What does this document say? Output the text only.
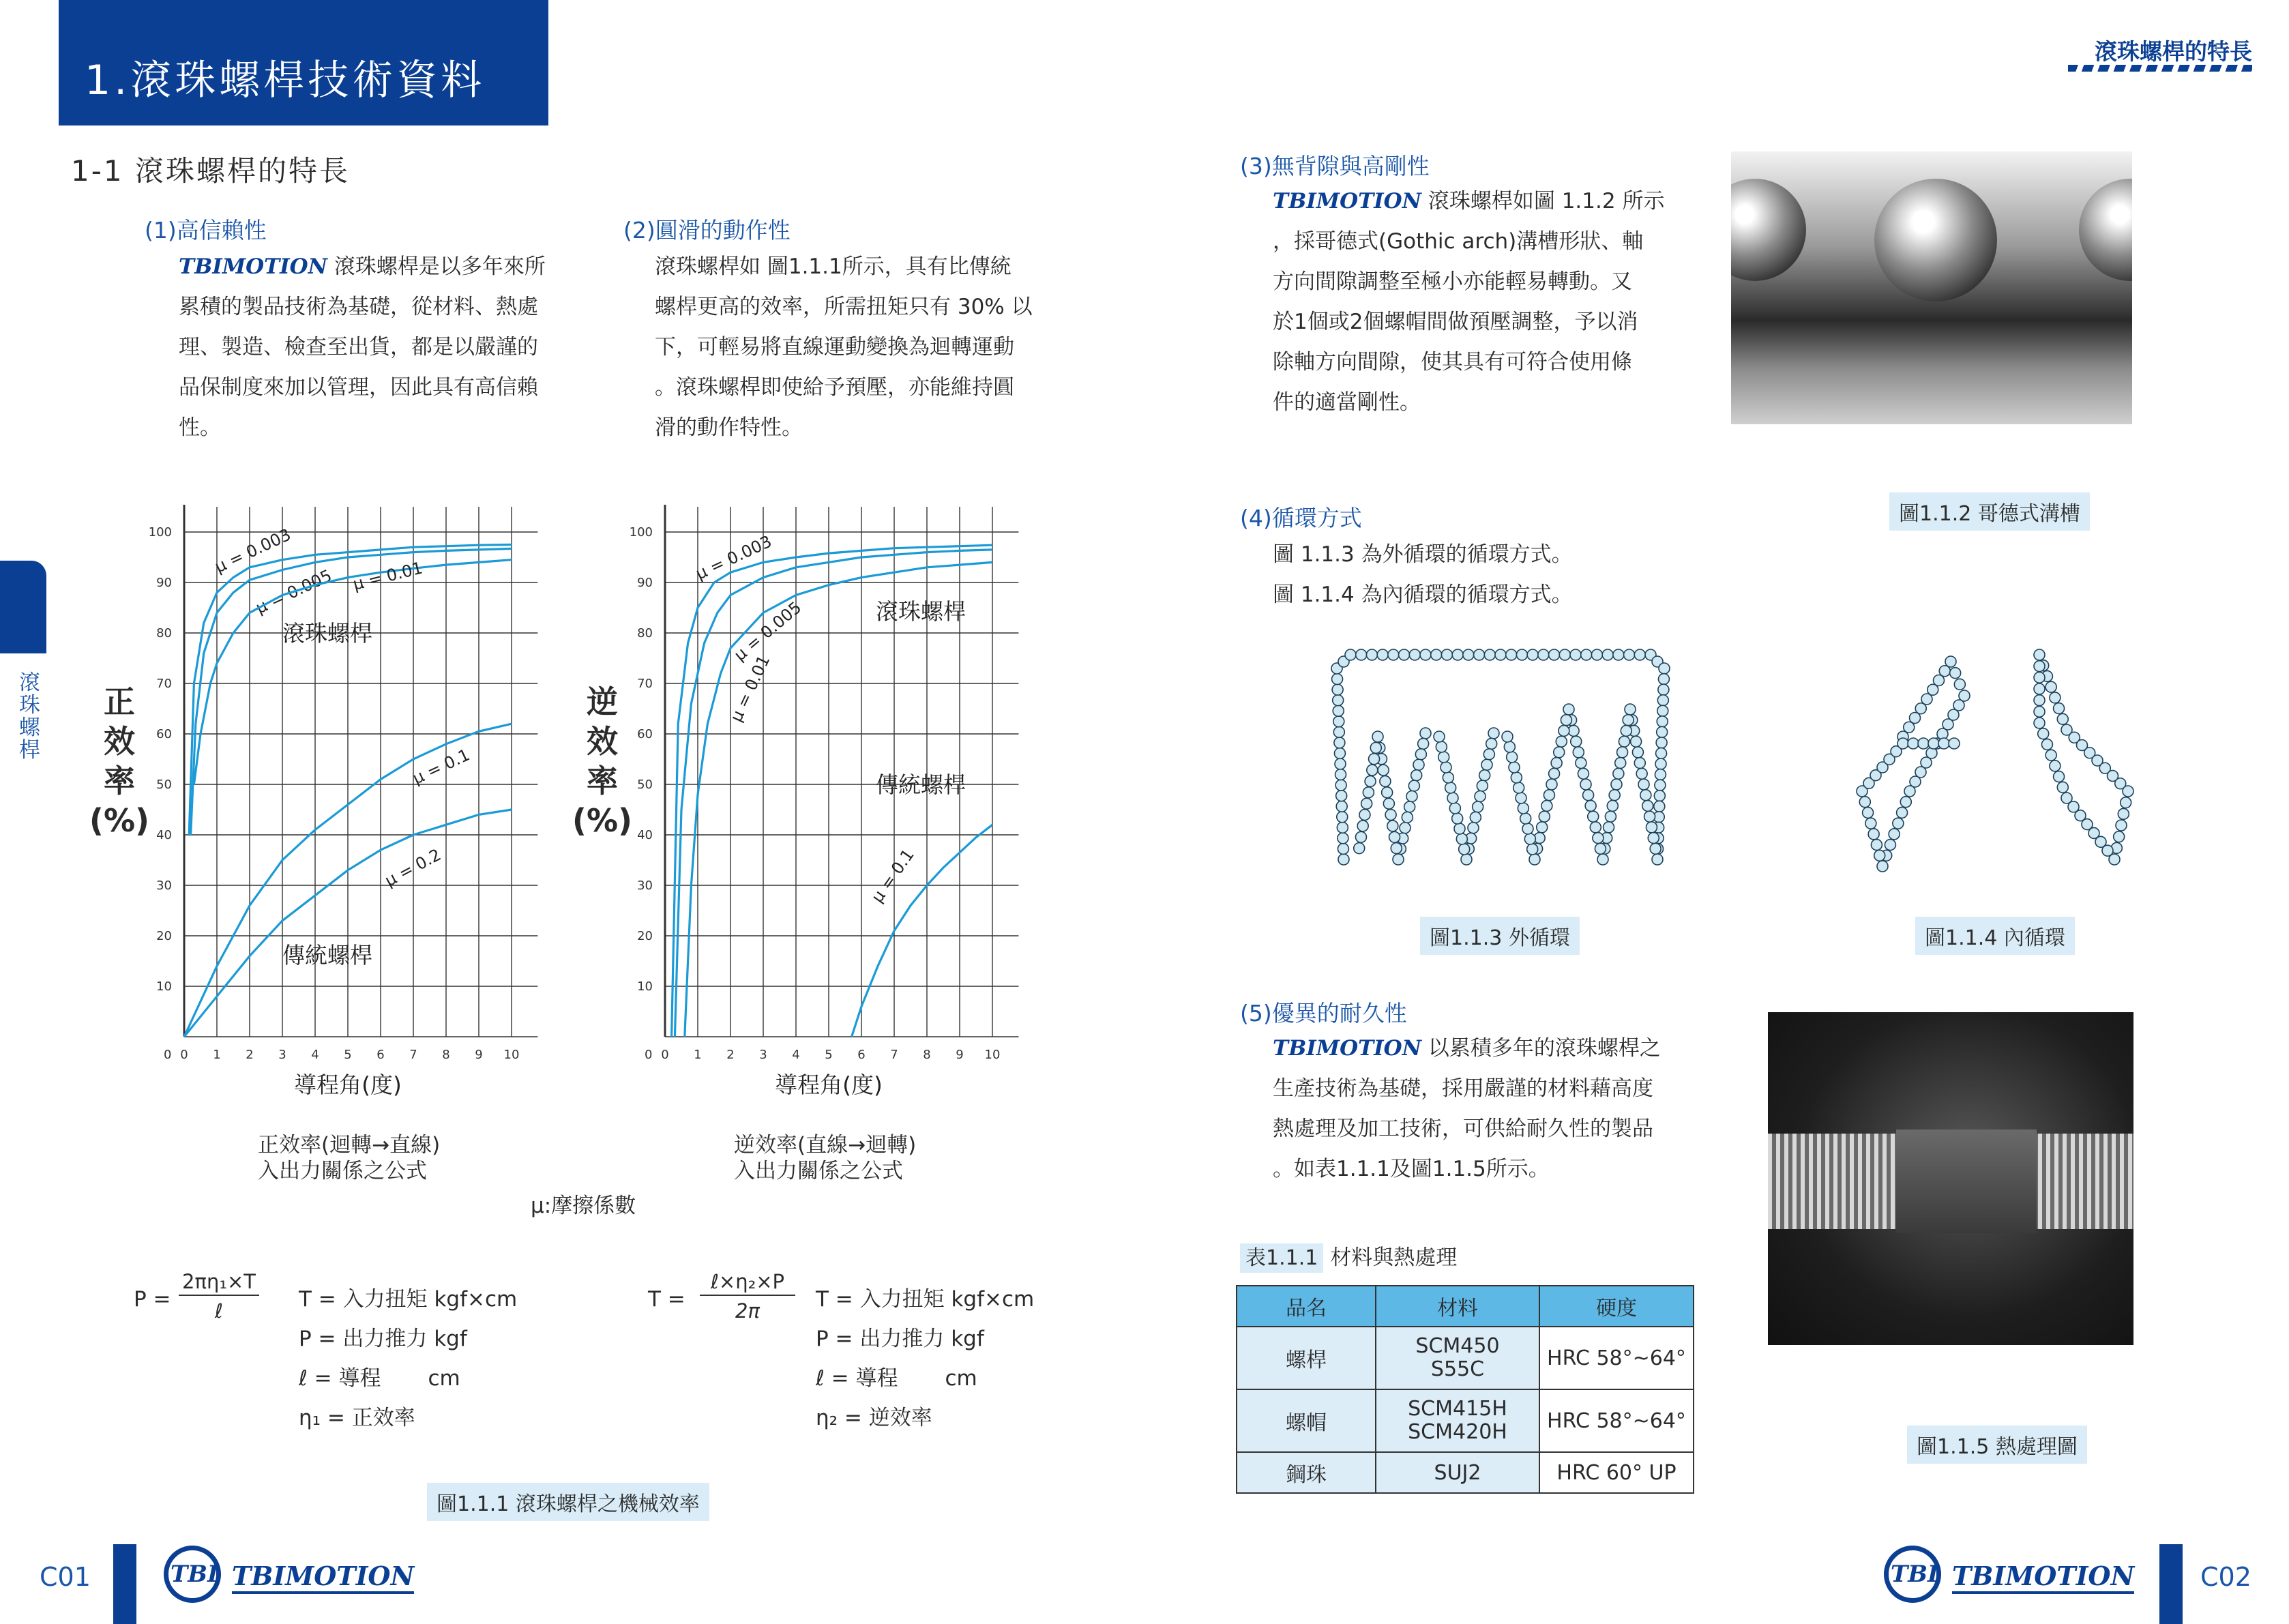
1.滾珠螺桿技術資料
滾珠螺桿的特長
滾珠螺桿
1-1 滾珠螺桿的特長
(1)高信賴性
TBIMOTION 滾珠螺桿是以多年來所
累積的製品技術為基礎，從材料、熱處
理、製造、檢查至出貨，都是以嚴謹的
品保制度來加以管理，因此具有高信賴
性。
(2)圓滑的動作性
滾珠螺桿如 圖1.1.1所示，具有比傳統
螺桿更高的效率，所需扭矩只有 30% 以
下，可輕易將直線運動變換為迴轉運動
。滾珠螺桿即使給予預壓，亦能維持圓
滑的動作特性。
0 1 2 3 4 5 6 7 8 9 10
10
20
30
40
50
60
70
80
90
100
0
μ = 0.003
μ = 0.005 μ = 0.01
μ = 0.1
μ = 0.2
滾珠螺桿
傳統螺桿
導程角(度)
0 1 2 3 4 5 6 7 8 9 10
10
20
30
40
50
60
70
80
90
100
0
μ = 0.003
μ = 0.005
μ = 0.01
μ = 0.1
滾珠螺桿
傳統螺桿
導程角(度)
正效率
(%)
逆效率
(%)
正效率(迴轉→直線)
入出力關係之公式
逆效率(直線→迴轉)
入出力關係之公式
μ:摩擦係數
P =
2πη₁×T
ℓ	T = 入力扭矩 kgf×cm
P = 出力推力 kgf
ℓ = 導程       cm
η₁ = 正效率
T =
ℓ×η₂×P
2π	T = 入力扭矩 kgf×cm
P = 出力推力 kgf
ℓ = 導程       cm
η₂ = 逆效率
圖1.1.1 滾珠螺桿之機械效率
(3)無背隙與高剛性
TBIMOTION 滾珠螺桿如圖 1.1.2 所示
，採哥德式(Gothic arch)溝槽形狀、軸
方向間隙調整至極小亦能輕易轉動。又
於1個或2個螺帽間做預壓調整，予以消
除軸方向間隙，使其具有可符合使用條
件的適當剛性。
圖1.1.2 哥德式溝槽
(4)循環方式
圖 1.1.3 為外循環的循環方式。
圖 1.1.4 為內循環的循環方式。
圖1.1.3 外循環	圖1.1.4 內循環
(5)優異的耐久性
TBIMOTION 以累積多年的滾珠螺桿之
生產技術為基礎，採用嚴謹的材料藉高度
熱處理及加工技術，可供給耐久性的製品
。如表1.1.1及圖1.1.5所示。
圖1.1.5 熱處理圖
表1.1.1 材料與熱處理
品名	材料	硬度
螺桿	SCM450
S55C	HRC 58°~64°
螺帽	SCM415H
SCM420H	HRC 58°~64°
鋼珠	SUJ2	HRC 60° UP
C01	TBI TBIMOTION	TBI TBIMOTION	C02
